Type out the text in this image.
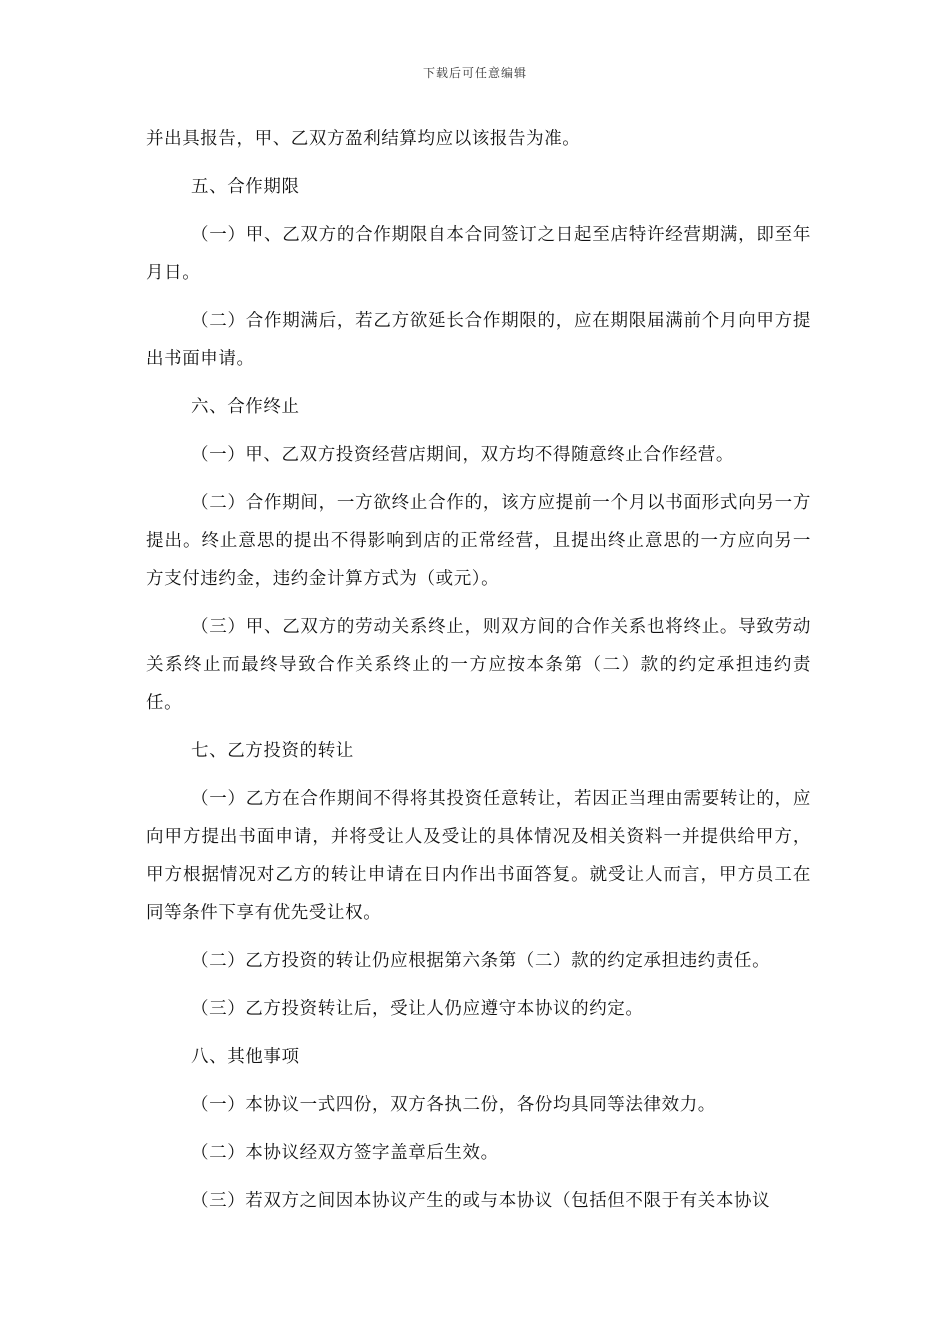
下载后可任意编辑

并出具报告，甲、乙双方盈利结算均应以该报告为准。

五、合作期限

（一）甲、乙双方的合作期限自本合同签订之日起至店特许经营期满，即至年月日。

（二）合作期满后，若乙方欲延长合作期限的，应在期限届满前个月向甲方提出书面申请。

六、合作终止

（一）甲、乙双方投资经营店期间，双方均不得随意终止合作经营。

（二）合作期间，一方欲终止合作的，该方应提前一个月以书面形式向另一方提出。终止意思的提出不得影响到店的正常经营，且提出终止意思的一方应向另一方支付违约金，违约金计算方式为（或元）。

（三）甲、乙双方的劳动关系终止，则双方间的合作关系也将终止。导致劳动关系终止而最终导致合作关系终止的一方应按本条第（二）款的约定承担违约责任。

七、乙方投资的转让

（一）乙方在合作期间不得将其投资任意转让，若因正当理由需要转让的，应向甲方提出书面申请，并将受让人及受让的具体情况及相关资料一并提供给甲方，甲方根据情况对乙方的转让申请在日内作出书面答复。就受让人而言，甲方员工在同等条件下享有优先受让权。

（二）乙方投资的转让仍应根据第六条第（二）款的约定承担违约责任。

（三）乙方投资转让后，受让人仍应遵守本协议的约定。

八、其他事项

（一）本协议一式四份，双方各执二份，各份均具同等法律效力。

（二）本协议经双方签字盖章后生效。

（三）若双方之间因本协议产生的或与本协议（包括但不限于有关本协议
